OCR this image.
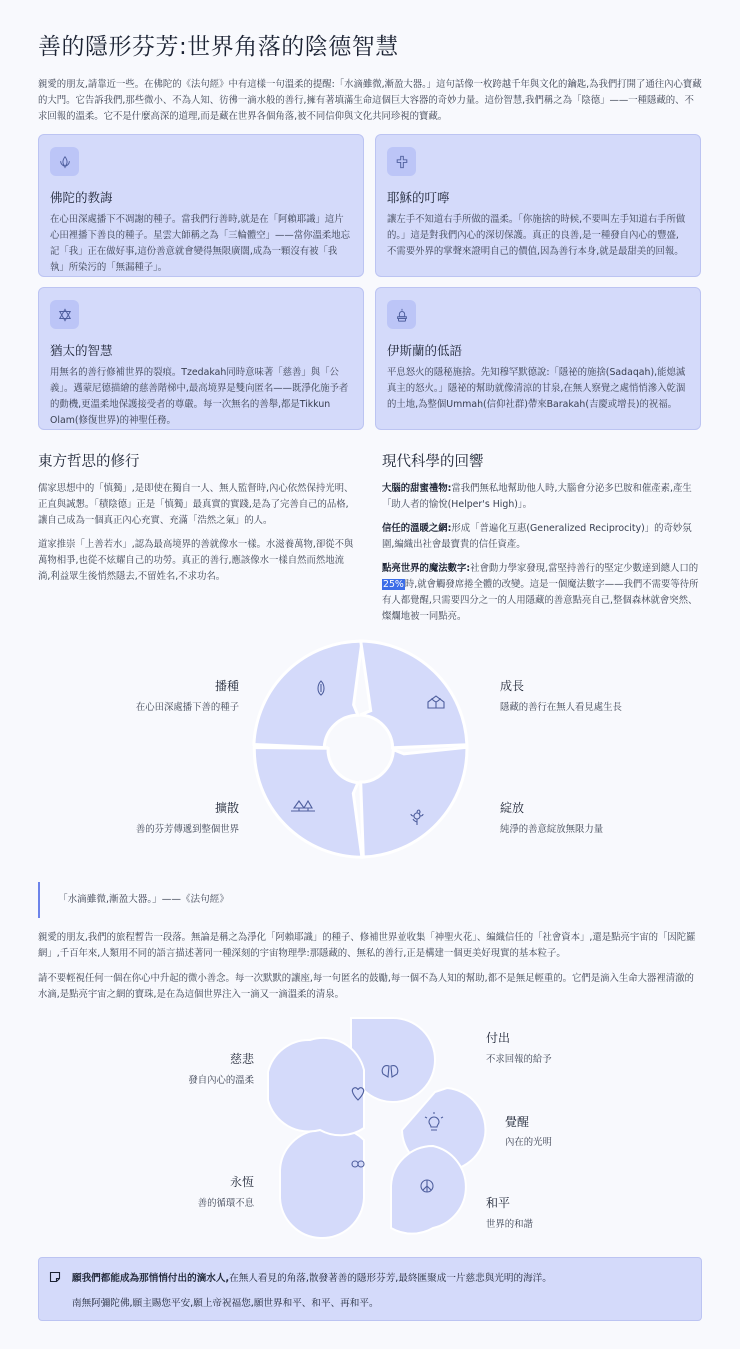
善的隱形芬芳:世界角落的陰德智慧

親愛的朋友,請靠近一些。在佛陀的《法句經》中有這樣一句溫柔的提醒:「水滴雖微,漸盈大器。」這句話像一枚跨越千年與文化的鑰匙,為我們打開了通往內心寶藏的大門。它告訴我們,那些微小、不為人知、彷彿一滴水般的善行,擁有著填滿生命這個巨大容器的奇妙力量。這份智慧,我們稱之為「陰德」——一種隱藏的、不求回報的溫柔。它不是什麼高深的道理,而是藏在世界各個角落,被不同信仰與文化共同珍視的寶藏。

佛陀的教誨

在心田深處播下不凋謝的種子。當我們行善時,就是在「阿賴耶識」這片心田裡播下善良的種子。星雲大師稱之為「三輪體空」——當你溫柔地忘記「我」正在做好事,這份善意就會變得無限廣闊,成為一顆沒有被「我執」所染污的「無漏種子」。

耶穌的叮嚀

讓左手不知道右手所做的溫柔。「你施捨的時候,不要叫左手知道右手所做的。」這是對我們內心的深切保護。真正的良善,是一種發自內心的豐盛,不需要外界的掌聲來證明自己的價值,因為善行本身,就是最甜美的回報。

猶太的智慧

用無名的善行修補世界的裂痕。Tzedakah同時意味著「慈善」與「公義」。邁蒙尼德描繪的慈善階梯中,最高境界是雙向匿名——既淨化施予者的動機,更溫柔地保護接受者的尊嚴。每一次無名的善舉,都是Tikkun Olam(修復世界)的神聖任務。

伊斯蘭的低語

平息怒火的隱秘施捨。先知穆罕默德說:「隱祕的施捨(Sadaqah),能熄滅真主的怒火。」隱祕的幫助就像清涼的甘泉,在無人察覺之處悄悄滲入乾涸的土地,為整個Ummah(信仰社群)帶來Barakah(吉慶或增長)的祝福。

東方哲思的修行

儒家思想中的「慎獨」,是即使在獨自一人、無人監督時,內心依然保持光明、正直與誠懇。「積陰德」正是「慎獨」最真實的實踐,是為了完善自己的品格,讓自己成為一個真正內心充實、充滿「浩然之氣」的人。

道家推崇「上善若水」,認為最高境界的善就像水一樣。水滋養萬物,卻從不與萬物相爭,也從不炫耀自己的功勞。真正的善行,應該像水一樣自然而然地流淌,利益眾生後悄然隱去,不留姓名,不求功名。

現代科學的回響

大腦的甜蜜禮物:當我們無私地幫助他人時,大腦會分泌多巴胺和催產素,產生「助人者的愉悅(Helper's High)」。

信任的溫暖之網:形成「普遍化互惠(Generalized Reciprocity)」的奇妙氛圍,編織出社會最寶貴的信任資產。

點亮世界的魔法數字:社會動力學家發現,當堅持善行的堅定少數達到總人口的25%時,就會觸發席捲全體的改變。這是一個魔法數字——我們不需要等待所有人都覺醒,只需要四分之一的人用隱藏的善意點亮自己,整個森林就會突然、燦爛地被一同點亮。

播種
在心田深處播下善的種子
成長
隱藏的善行在無人看見處生長
綻放
純淨的善意綻放無限力量
擴散
善的芬芳傳遞到整個世界
「水滴雖微,漸盈大器。」——《法句經》

親愛的朋友,我們的旅程暫告一段落。無論是稱之為淨化「阿賴耶識」的種子、修補世界並收集「神聖火花」、編織信任的「社會資本」,還是點亮宇宙的「因陀羅網」,千百年來,人類用不同的語言描述著同一種深刻的宇宙物理學:那隱藏的、無私的善行,正是構建一個更美好現實的基本粒子。

請不要輕視任何一個在你心中升起的微小善念。每一次默默的讓座,每一句匿名的鼓勵,每一個不為人知的幫助,都不是無足輕重的。它們是滴入生命大器裡清澈的水滴,是點亮宇宙之網的寶珠,是在為這個世界注入一滴又一滴溫柔的清泉。

付出
不求回報的給予
覺醒
內在的光明
和平
世界的和諧
永恆
善的循環不息
慈悲
發自內心的溫柔
願我們都能成為那悄悄付出的滴水人,在無人看見的角落,散發著善的隱形芬芳,最終匯聚成一片慈悲與光明的海洋。
南無阿彌陀佛,願主賜您平安,願上帝祝福您,願世界和平、和平、再和平。
